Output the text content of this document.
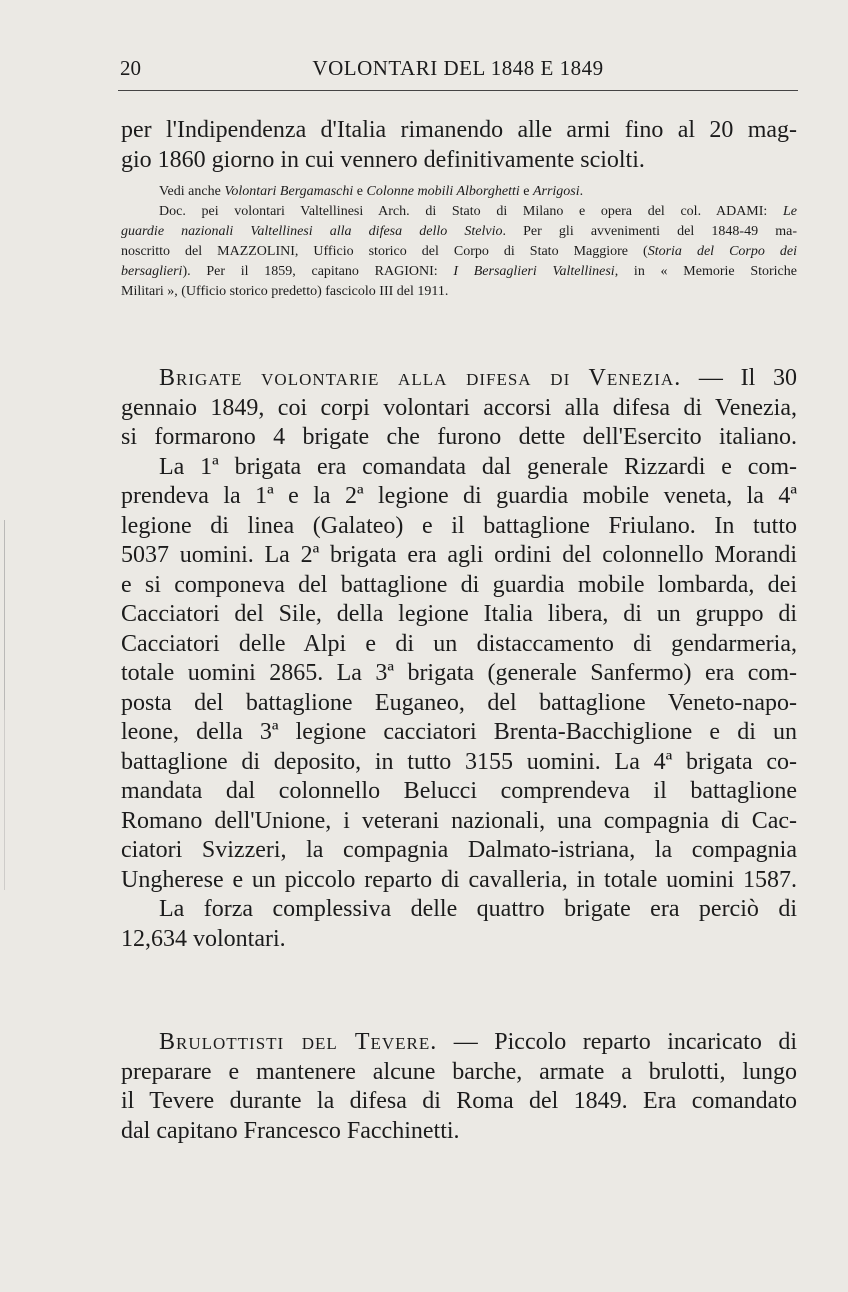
20	VOLONTARI DEL 1848 E 1849
per l'Indipendenza d'Italia rimanendo alle armi fino al 20 mag-
gio 1860 giorno in cui vennero definitivamente sciolti.
Vedi anche Volontari Bergamaschi e Colonne mobili Alborghetti e Arrigosi.
Doc. pei volontari Valtellinesi Arch. di Stato di Milano e opera del col. ADAMI: Le
guardie nazionali Valtellinesi alla difesa dello Stelvio. Per gli avvenimenti del 1848-49 ma-
noscritto del MAZZOLINI, Ufficio storico del Corpo di Stato Maggiore (Storia del Corpo dei
bersaglieri). Per il 1859, capitano RAGIONI: I Bersaglieri Valtellinesi, in « Memorie Storiche
Militari », (Ufficio storico predetto) fascicolo III del 1911.
Brigate volontarie alla difesa di Venezia. — Il 30
gennaio 1849, coi corpi volontari accorsi alla difesa di Venezia,
si formarono 4 brigate che furono dette dell'Esercito italiano.
La 1ª brigata era comandata dal generale Rizzardi e com-
prendeva la 1ª e la 2ª legione di guardia mobile veneta, la 4ª
legione di linea (Galateo) e il battaglione Friulano. In tutto
5037 uomini. La 2ª brigata era agli ordini del colonnello Morandi
e si componeva del battaglione di guardia mobile lombarda, dei
Cacciatori del Sile, della legione Italia libera, di un gruppo di
Cacciatori delle Alpi e di un distaccamento di gendarmeria,
totale uomini 2865. La 3ª brigata (generale Sanfermo) era com-
posta del battaglione Euganeo, del battaglione Veneto-napo-
leone, della 3ª legione cacciatori Brenta-Bacchiglione e di un
battaglione di deposito, in tutto 3155 uomini. La 4ª brigata co-
mandata dal colonnello Belucci comprendeva il battaglione
Romano dell'Unione, i veterani nazionali, una compagnia di Cac-
ciatori Svizzeri, la compagnia Dalmato-istriana, la compagnia
Ungherese e un piccolo reparto di cavalleria, in totale uomini 1587.
La forza complessiva delle quattro brigate era perciò di
12,634 volontari.
Brulottisti del Tevere. — Piccolo reparto incaricato di
preparare e mantenere alcune barche, armate a brulotti, lungo
il Tevere durante la difesa di Roma del 1849. Era comandato
dal capitano Francesco Facchinetti.
